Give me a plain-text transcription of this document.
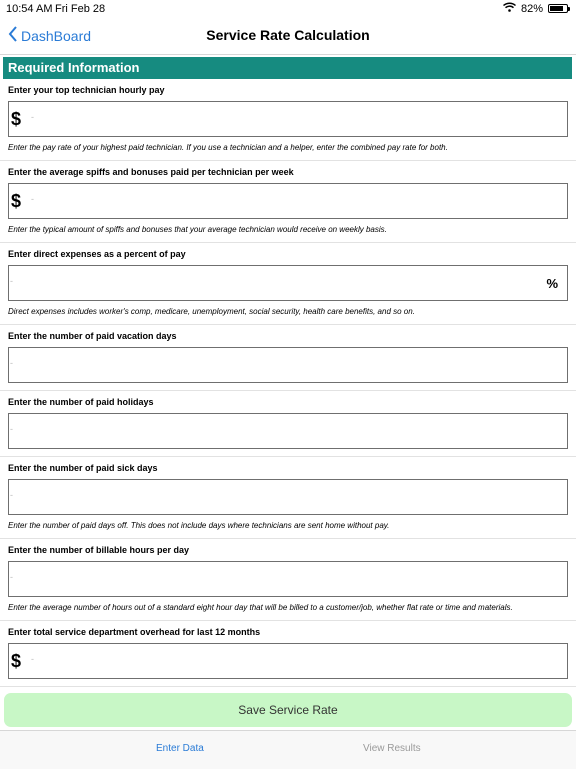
10:54 AM Fri Feb 28	82%
DashBoard	Service Rate Calculation
Required Information
Enter your top technician hourly pay
$ -
Enter the pay rate of your highest paid technician. If you use a technician and a helper, enter the combined pay rate for both.
Enter the average spiffs and bonuses paid per technician per week
$ -
Enter the typical amount of spiffs and bonuses that your average technician would receive on weekly basis.
Enter direct expenses as a percent of pay
-	%
Direct expenses includes worker's comp, medicare, unemployment, social security, health care benefits, and so on.
Enter the number of paid vacation days
-
Enter the number of paid holidays
-
Enter the number of paid sick days
-
Enter the number of paid days off. This does not include days where technicians are sent home without pay.
Enter the number of billable hours per day
-
Enter the average number of hours out of a standard eight hour day that will be billed to a customer/job, whether flat rate or time and materials.
Enter total service department overhead for last 12 months
$ -
Save Service Rate
Enter Data	View Results
